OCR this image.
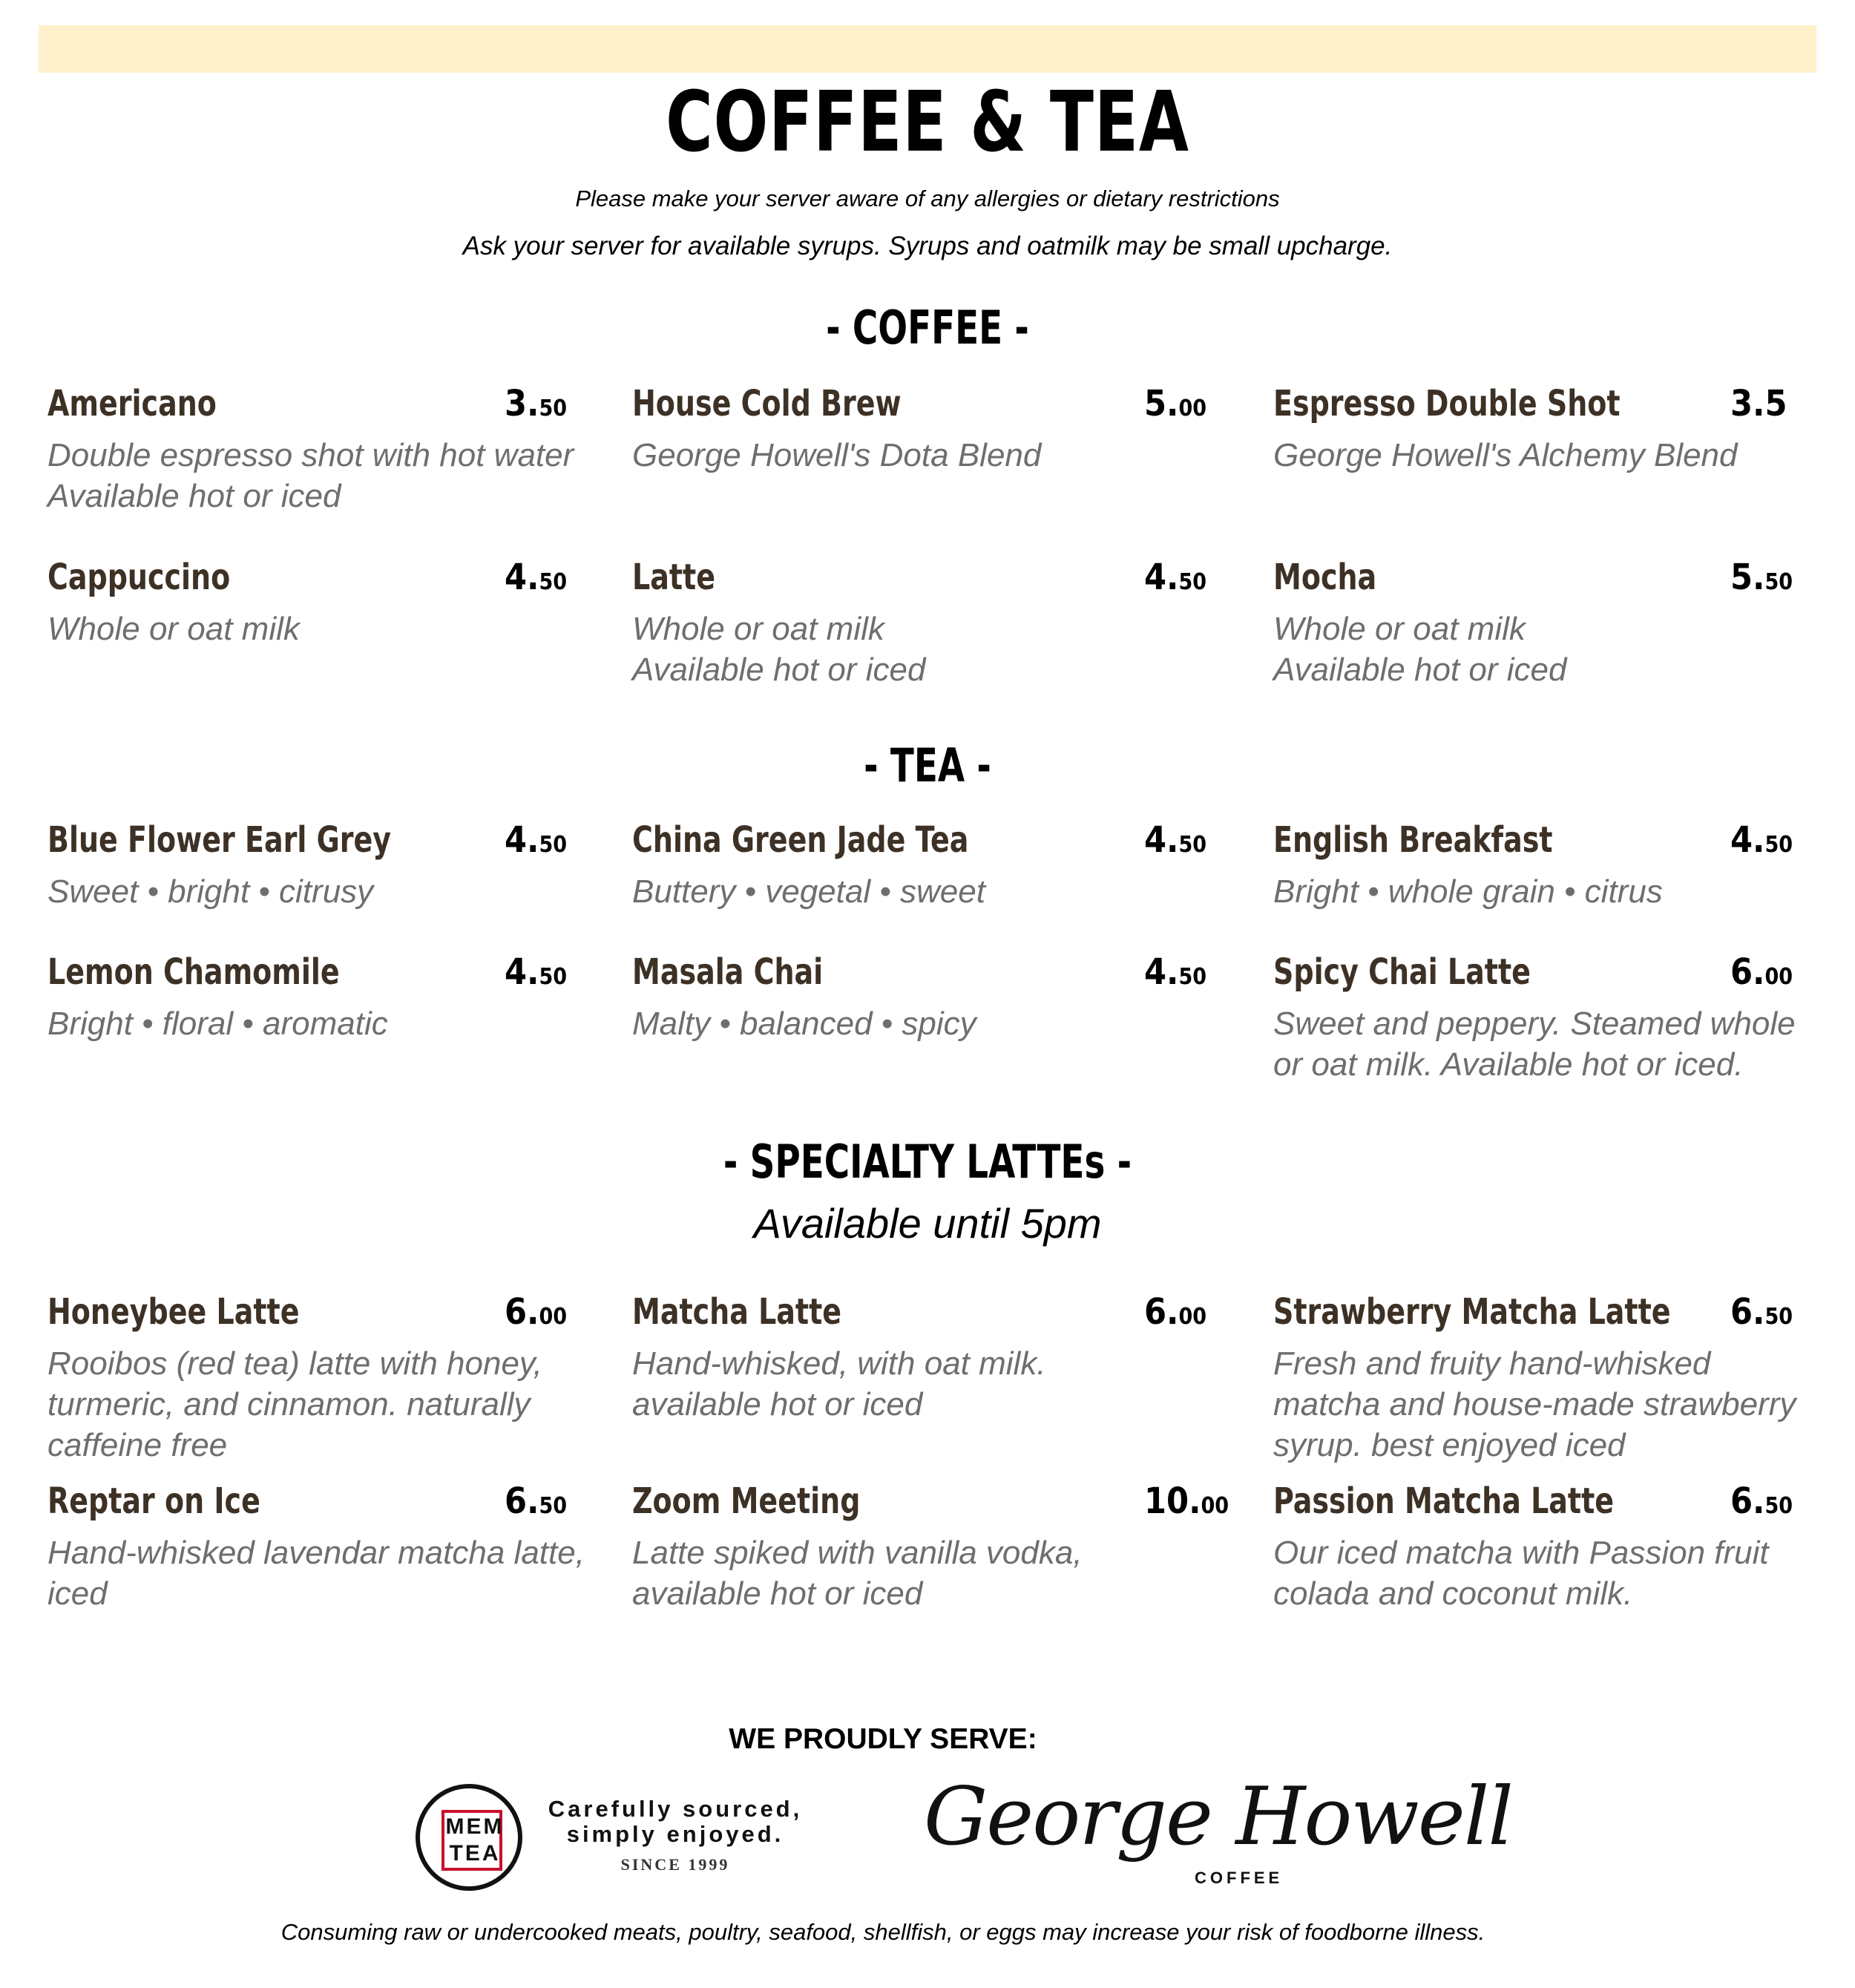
COFFEE & TEA
Please make your server aware of any allergies or dietary restrictions
Ask your server for available syrups. Syrups and oatmilk may be small upcharge.
- COFFEE -
Americano	3.50
Double espresso shot with hot water
Available hot or iced
House Cold Brew	5.00
George Howell's Dota Blend
Espresso Double Shot	3.5
George Howell's Alchemy Blend
Cappuccino	4.50
Whole or oat milk
Latte	4.50
Whole or oat milk
Available hot or iced
Mocha	5.50
Whole or oat milk
Available hot or iced
- TEA -
Blue Flower Earl Grey	4.50
Sweet • bright • citrusy
China Green Jade Tea	4.50
Buttery • vegetal • sweet
English Breakfast	4.50
Bright • whole grain • citrus
Lemon Chamomile	4.50
Bright • floral • aromatic
Masala Chai	4.50
Malty • balanced • spicy
Spicy Chai Latte	6.00
Sweet and peppery. Steamed whole or oat milk. Available hot or iced.
- SPECIALTY LATTEs -
Available until 5pm
Honeybee Latte	6.00
Rooibos (red tea) latte with honey, turmeric, and cinnamon. naturally caffeine free
Matcha Latte	6.00
Hand-whisked, with oat milk.
available hot or iced
Strawberry Matcha Latte 6.50
Fresh and fruity hand-whisked matcha and house-made strawberry syrup. best enjoyed iced
Reptar on Ice	6.50
Hand-whisked lavendar matcha latte, iced
Zoom Meeting	10.00
Latte spiked with vanilla vodka, available hot or iced
Passion Matcha Latte	6.50
Our iced matcha with Passion fruit colada and coconut milk.
WE PROUDLY SERVE:
MEM
TEA
Carefully sourced,
simply enjoyed.
SINCE 1999
George Howell
COFFEE
Consuming raw or undercooked meats, poultry, seafood, shellfish, or eggs may increase your risk of foodborne illness.
